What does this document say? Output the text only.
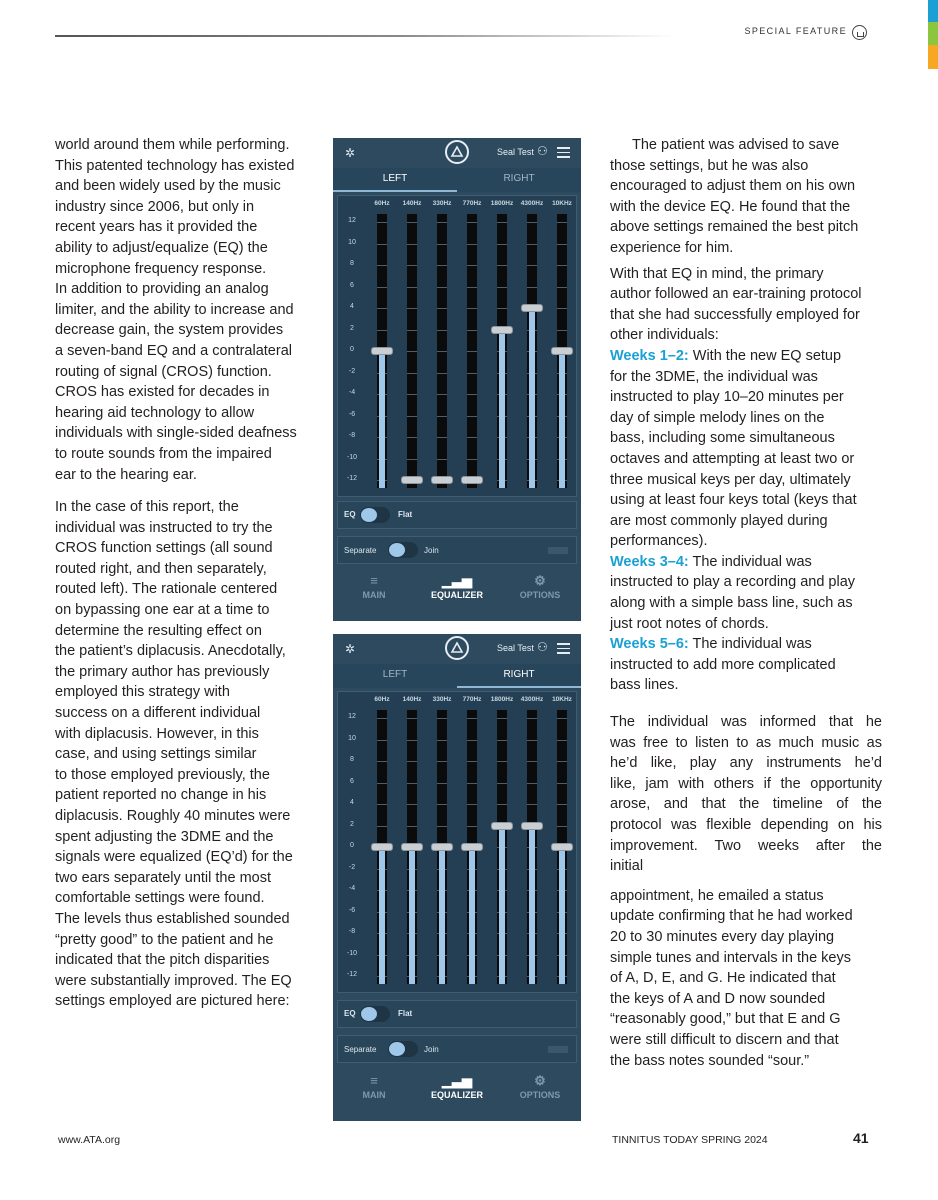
SPECIAL FEATURE

world around them while performing.
This patented technology has existed
and been widely used by the music
industry since 2006, but only in
recent years has it provided the
ability to adjust/equalize (EQ) the
microphone frequency response.
In addition to providing an analog
limiter, and the ability to increase and
decrease gain, the system provides
a seven-band EQ and a contralateral
routing of signal (CROS) function.
CROS has existed for decades in
hearing aid technology to allow
individuals with single-sided deafness
to route sounds from the impaired
ear to the hearing ear.

In the case of this report, the
individual was instructed to try the
CROS function settings (all sound
routed right, and then separately,
routed left). The rationale centered
on bypassing one ear at a time to
determine the resulting effect on
the patient’s diplacusis. Anecdotally,
the primary author has previously
employed this strategy with
success on a different individual
with diplacusis. However, in this
case, and using settings similar
to those employed previously, the
patient reported no change in his
diplacusis. Roughly 40 minutes were
spent adjusting the 3DME and the
signals were equalized (EQ’d) for the
two ears separately until the most
comfortable settings were found.
The levels thus established sounded
“pretty good” to the patient and he
indicated that the pitch disparities
were substantially improved. The EQ
settings employed are pictured here:

The patient was advised to save
those settings, but he was also
encouraged to adjust them on his own
with the device EQ. He found that the
above settings remained the best pitch
experience for him.

With that EQ in mind, the primary
author followed an ear-training protocol
that she had successfully employed for
other individuals:

Weeks 1–2: With the new EQ setup
for the 3DME, the individual was
instructed to play 10–20 minutes per
day of simple melody lines on the
bass, including some simultaneous
octaves and attempting at least two or
three musical keys per day, ultimately
using at least four keys total (keys that
are most commonly played during
performances).

Weeks 3–4: The individual was
instructed to play a recording and play
along with a simple bass line, such as
just root notes of chords.

Weeks 5–6: The individual was
instructed to add more complicated
bass lines.

The individual was informed that he
was free to listen to as much music as
he’d like, play any instruments he’d
like, jam with others if the opportunity
arose, and that the timeline of the
protocol was flexible depending on his
improvement. Two weeks after the
initial

appointment, he emailed a status
update confirming that he had worked
20 to 30 minutes every day playing
simple tunes and intervals in the keys
of A, D, E, and G. He indicated that
the keys of A and D now sounded
“reasonably good,” but that E and G
were still difficult to discern and that
the bass notes sounded “sour.”

✲	Seal Test ⚇
LEFT	RIGHT
12
10
8
6
4
2
0
-2
-4
-6
-8
-10
-12
60Hz	140Hz	330Hz	770Hz	1800Hz	4300Hz	10KHz
EQ	Flat
Separate	Join
≡
MAIN
▁▃▅
EQUALIZER
⚙
OPTIONS
✲	Seal Test ⚇
LEFT	RIGHT
12
10
8
6
4
2
0
-2
-4
-6
-8
-10
-12
60Hz	140Hz	330Hz	770Hz	1800Hz	4300Hz	10KHz
EQ	Flat
Separate	Join
≡
MAIN
▁▃▅
EQUALIZER
⚙
OPTIONS
www.ATA.org	TINNITUS TODAY SPRING 2024	41
